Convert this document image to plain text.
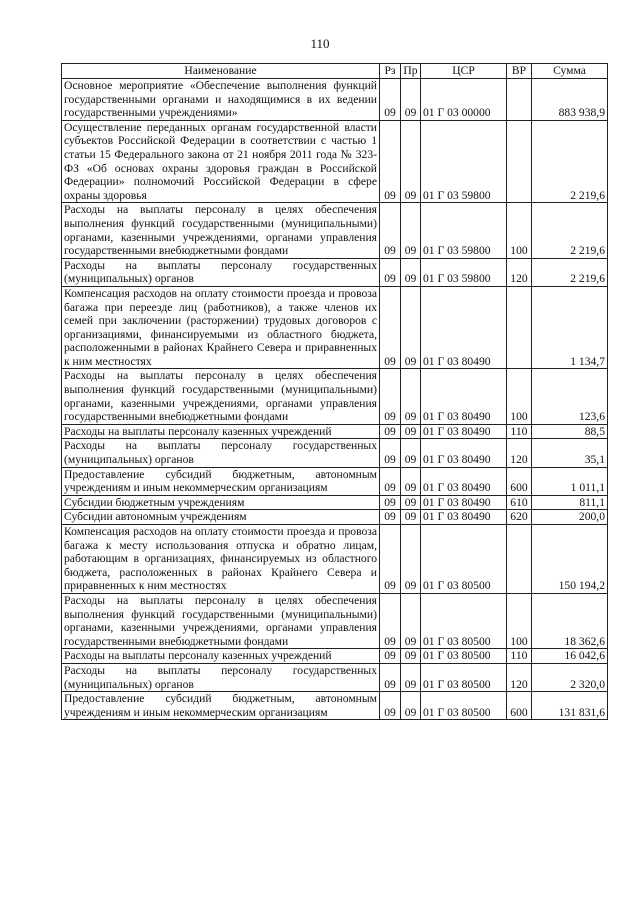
110
Наименование	Рз	Пр	ЦСР	ВР	Сумма
Основное мероприятие «Обеспечение выполнения функций государственными органами и находящимися в их ведении государственными учреждениями»	09	09	01 Г 03 00000		883 938,9
Осуществление переданных органам государственной власти субъектов Российской Федерации в соответствии с частью 1 статьи 15 Федерального закона от 21 ноября 2011 года № 323-ФЗ «Об основах охраны здоровья граждан в Российской Федерации» полномочий Российской Федерации в сфере охраны здоровья	09	09	01 Г 03 59800		2 219,6
Расходы на выплаты персоналу в целях обеспечения выполнения функций государственными (муниципальными) органами, казенными учреждениями, органами управления государственными внебюджетными фондами	09	09	01 Г 03 59800	100	2 219,6
Расходы на выплаты персоналу государственных (муниципальных) органов	09	09	01 Г 03 59800	120	2 219,6
Компенсация расходов на оплату стоимости проезда и провоза багажа при переезде лиц (работников), а также членов их семей при заключении (расторжении) трудовых договоров с организациями, финансируемыми из областного бюджета, расположенными в районах Крайнего Севера и приравненных к ним местностях	09	09	01 Г 03 80490		1 134,7
Расходы на выплаты персоналу в целях обеспечения выполнения функций государственными (муниципальными) органами, казенными учреждениями, органами управления государственными внебюджетными фондами	09	09	01 Г 03 80490	100	123,6
Расходы на выплаты персоналу казенных учреждений	09	09	01 Г 03 80490	110	88,5
Расходы на выплаты персоналу государственных (муниципальных) органов	09	09	01 Г 03 80490	120	35,1
Предоставление субсидий бюджетным, автономным учреждениям и иным некоммерческим организациям	09	09	01 Г 03 80490	600	1 011,1
Субсидии бюджетным учреждениям	09	09	01 Г 03 80490	610	811,1
Субсидии автономным учреждениям	09	09	01 Г 03 80490	620	200,0
Компенсация расходов на оплату стоимости проезда и провоза багажа к месту использования отпуска и обратно лицам, работающим в организациях, финансируемых из областного бюджета, расположенных в районах Крайнего Севера и приравненных к ним местностях	09	09	01 Г 03 80500		150 194,2
Расходы на выплаты персоналу в целях обеспечения выполнения функций государственными (муниципальными) органами, казенными учреждениями, органами управления государственными внебюджетными фондами	09	09	01 Г 03 80500	100	18 362,6
Расходы на выплаты персоналу казенных учреждений	09	09	01 Г 03 80500	110	16 042,6
Расходы на выплаты персоналу государственных (муниципальных) органов	09	09	01 Г 03 80500	120	2 320,0
Предоставление субсидий бюджетным, автономным учреждениям и иным некоммерческим организациям	09	09	01 Г 03 80500	600	131 831,6
